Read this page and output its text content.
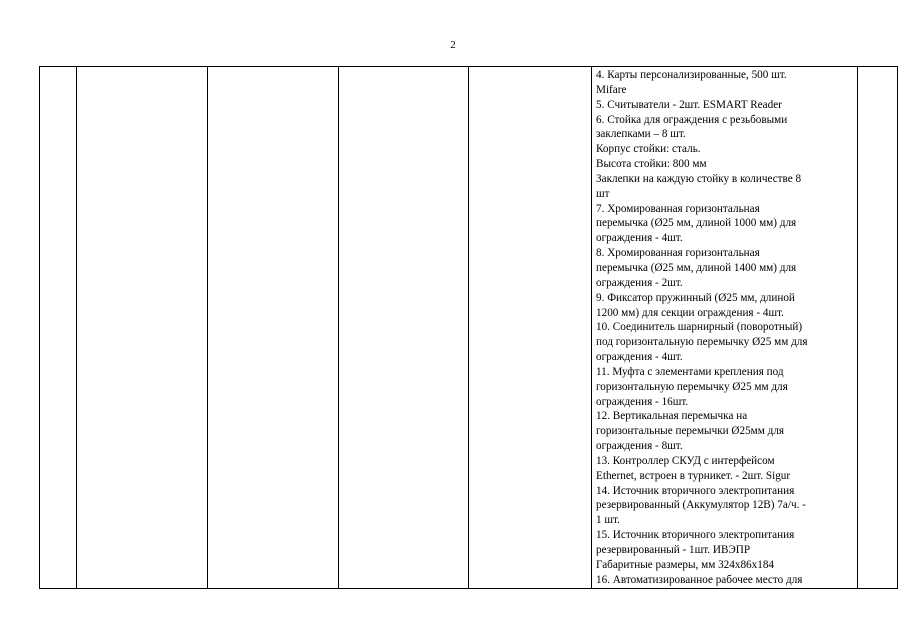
2

4. Карты персонализированные, 500 шт.
Mifare
5. Считыватели - 2шт. ESMART Reader
6. Стойка для ограждения с резьбовыми
заклепками – 8 шт.
Корпус стойки: сталь.
Высота стойки: 800 мм
Заклепки на каждую стойку в количестве 8
шт
7. Хромированная горизонтальная
перемычка (Ø25 мм, длиной 1000 мм) для
ограждения - 4шт.
8. Хромированная горизонтальная
перемычка (Ø25 мм, длиной 1400 мм) для
ограждения - 2шт.
9. Фиксатор пружинный (Ø25 мм, длиной
1200 мм) для секции ограждения - 4шт.
10. Соединитель шарнирный (поворотный)
под горизонтальную перемычку Ø25 мм для
ограждения - 4шт.
11. Муфта с элементами крепления под
горизонтальную перемычку Ø25 мм для
ограждения - 16шт.
12. Вертикальная перемычка на
горизонтальные перемычки Ø25мм для
ограждения - 8шт.
13. Контроллер СКУД с интерфейсом
Ethernet, встроен в турникет. - 2шт. Sigur
14. Источник вторичного электропитания
резервированный (Аккумулятор 12В) 7а/ч. -
1 шт.
15. Источник вторичного электропитания
резервированный - 1шт. ИВЭПР
Габаритные размеры, мм 324х86х184
16. Автоматизированное рабочее место для
